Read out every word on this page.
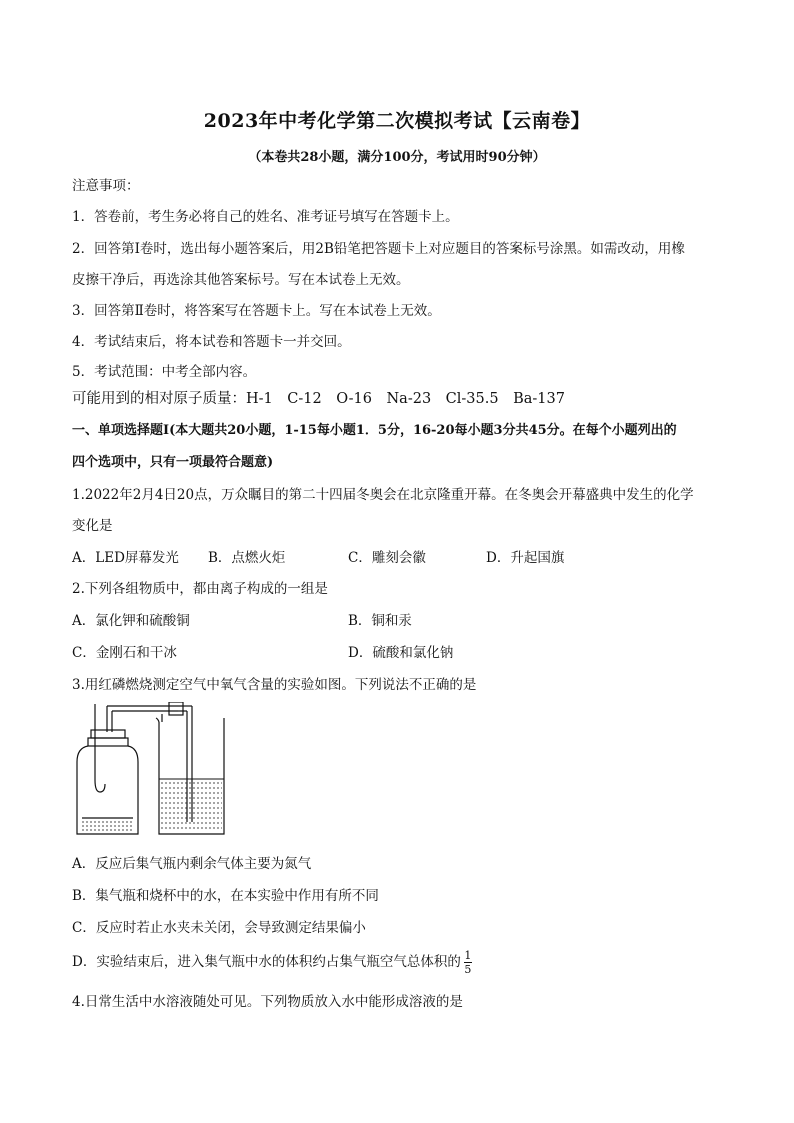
2023年中考化学第二次模拟考试【云南卷】
（本卷共28小题，满分100分，考试用时90分钟）
注意事项：
1．答卷前，考生务必将自己的姓名、准考证号填写在答题卡上。
2．回答第Ⅰ卷时，选出每小题答案后，用2B铅笔把答题卡上对应题目的答案标号涂黑。如需改动，用橡
皮擦干净后，再选涂其他答案标号。写在本试卷上无效。
3．回答第Ⅱ卷时，将答案写在答题卡上。写在本试卷上无效。
4．考试结束后，将本试卷和答题卡一并交回。
5．考试范围：中考全部内容。
可能用到的相对原子质量：H-1　C-12　O-16　Na-23　Cl-35.5　Ba-137
一、单项选择题Ⅰ(本大题共20小题，1-15每小题1．5分，16-20每小题3分共45分。在每个小题列出的
四个选项中，只有一项最符合题意)
1.2022年2月4日20点，万众瞩目的第二十四届冬奥会在北京隆重开幕。在冬奥会开幕盛典中发生的化学
变化是
A．LED屏幕发光 B．点燃火炬	C．雕刻会徽	D．升起国旗
2.下列各组物质中，都由离子构成的一组是
A．氯化钾和硫酸铜	B．铜和汞
C．金刚石和干冰	D．硫酸和氯化钠
3.用红磷燃烧测定空气中氧气含量的实验如图。下列说法不正确的是
A．反应后集气瓶内剩余气体主要为氮气
B．集气瓶和烧杯中的水，在本实验中作用有所不同
C．反应时若止水夹未关闭，会导致测定结果偏小
D．实验结束后，进入集气瓶中水的体积约占集气瓶空气总体积的 $\frac{1}{5}$
4.日常生活中水溶液随处可见。下列物质放入水中能形成溶液的是
